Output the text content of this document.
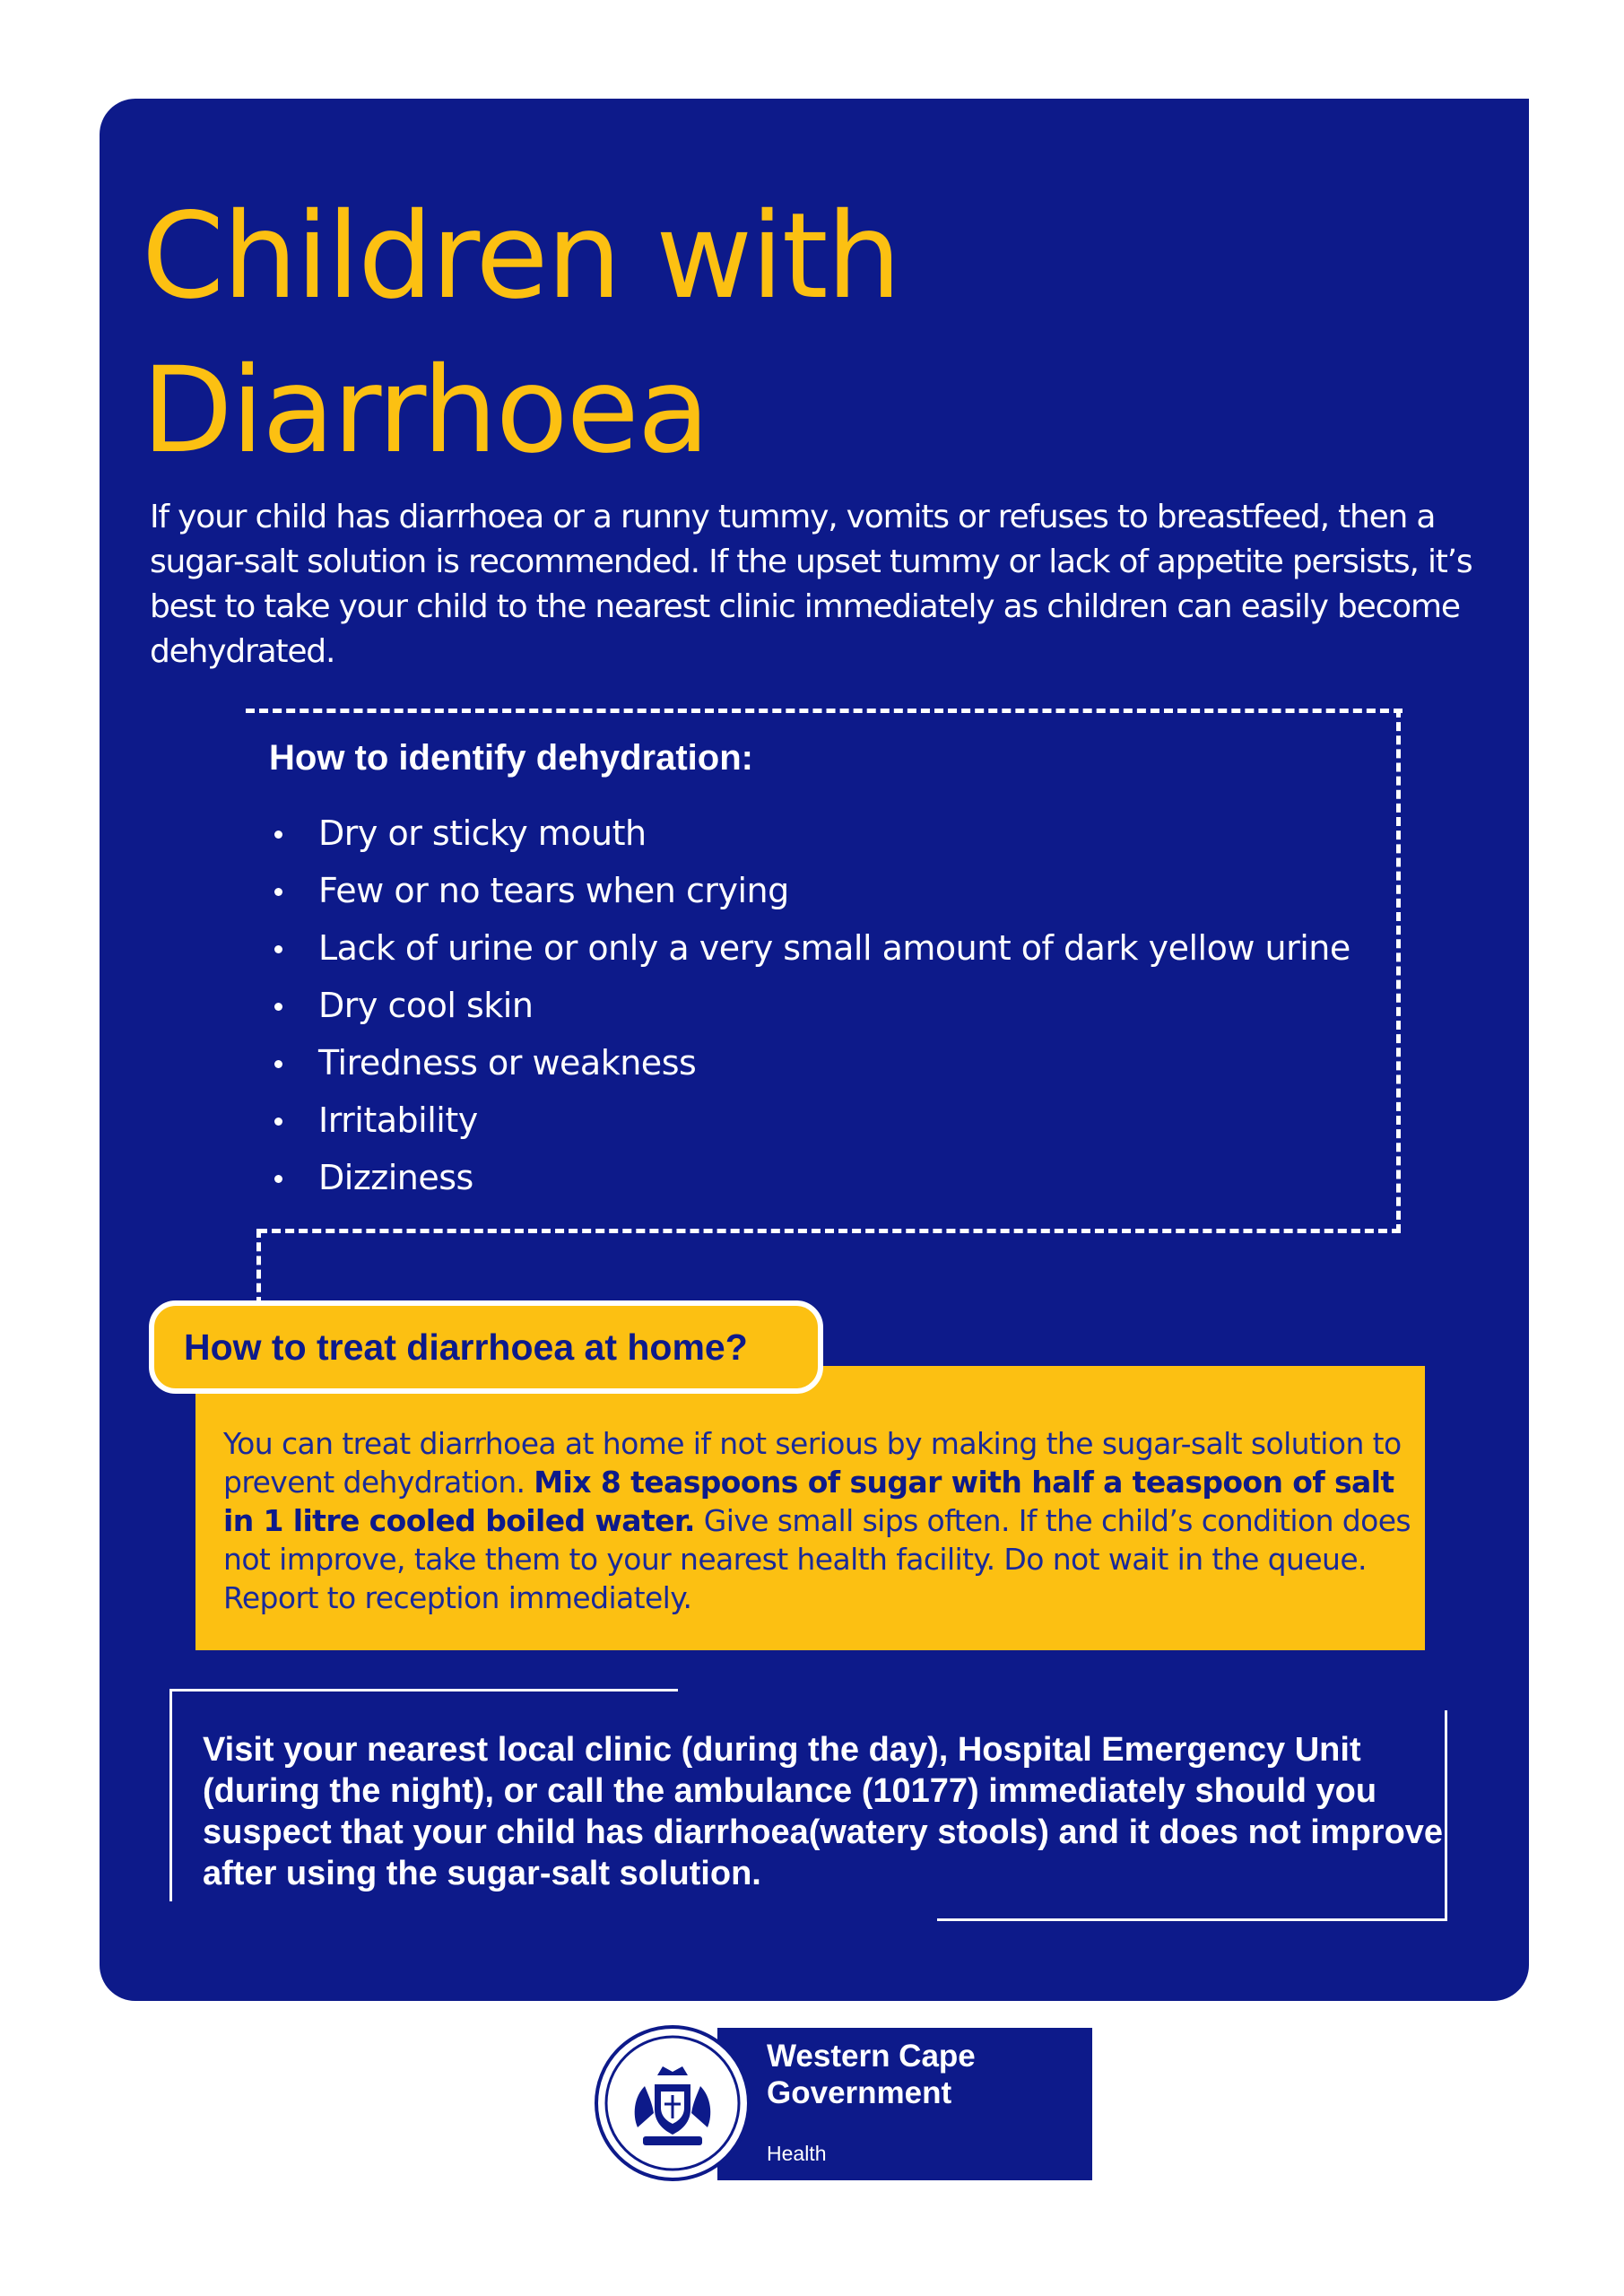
Children with
Diarrhoea

If your child has diarrhoea or a runny tummy, vomits or refuses to breastfeed, then a sugar-salt solution is recommended. If the upset tummy or lack of appetite persists, it’s best to take your child to the nearest clinic immediately as children can easily become dehydrated.

How to identify dehydration:
Dry or sticky mouth
Few or no tears when crying
Lack of urine or only a very small amount of dark yellow urine
Dry cool skin
Tiredness or weakness
Irritability
Dizziness

You can treat diarrhoea at home if not serious by making the sugar-salt solution to prevent dehydration. Mix 8 teaspoons of sugar with half a teaspoon of salt in 1 litre cooled boiled water. Give small sips often. If the child’s condition does not improve, take them to your nearest health facility. Do not wait in the queue. Report to reception immediately.

How to treat diarrhoea at home?

Visit your nearest local clinic (during the day), Hospital Emergency Unit (during the night), or call the ambulance (10177) immediately should you suspect that your child has diarrhoea(watery stools) and it does not improve after using the sugar-salt solution.

Western Cape
Government
Health
